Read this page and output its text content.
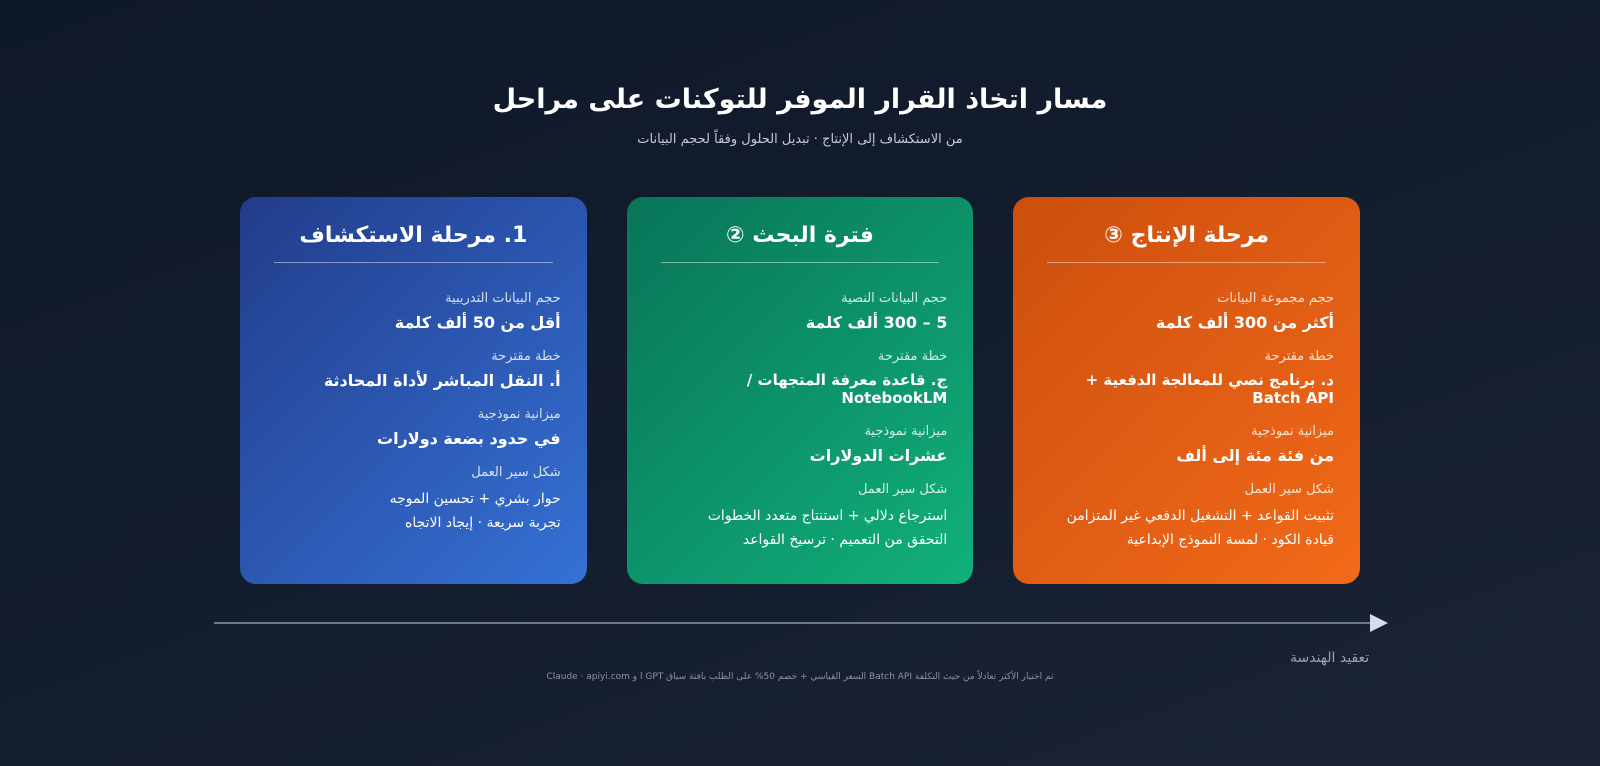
مسار اتخاذ القرار الموفر للتوكنات على مراحل
من الاستكشاف إلى الإنتاج · تبديل الحلول وفقاً لحجم البيانات
مرحلة الإنتاج ③
حجم مجموعة البيانات
أكثر من 300 ألف كلمة
خطة مقترحة
د. برنامج نصي للمعالجة الدفعية + Batch API
ميزانية نموذجية
من فئة مئة إلى ألف
شكل سير العمل
تثبيت القواعد + التشغيل الدفعي غير المتزامن
قيادة الكود · لمسة النموذج الإبداعية
فترة البحث ②
حجم البيانات النصية
5 – 300 ألف كلمة
خطة مقترحة
ج. قاعدة معرفة المتجهات / NotebookLM
ميزانية نموذجية
عشرات الدولارات
شكل سير العمل
استرجاع دلالي + استنتاج متعدد الخطوات
التحقق من التعميم · ترسيخ القواعد
1. مرحلة الاستكشاف
حجم البيانات التدريبية
أقل من 50 ألف كلمة
خطة مقترحة
أ. النقل المباشر لأداة المحادثة
ميزانية نموذجية
في حدود بضعة دولارات
شكل سير العمل
حوار بشري + تحسين الموجه
تجربة سريعة · إيجاد الاتجاه
تعقيد الهندسة
تم اختيار الأكثر تعادلاً من حيث التكلفة Batch API السعر القياسي + خصم 50% على الطلب بافتة سياق GPT ا و Claude · apiyi.com
